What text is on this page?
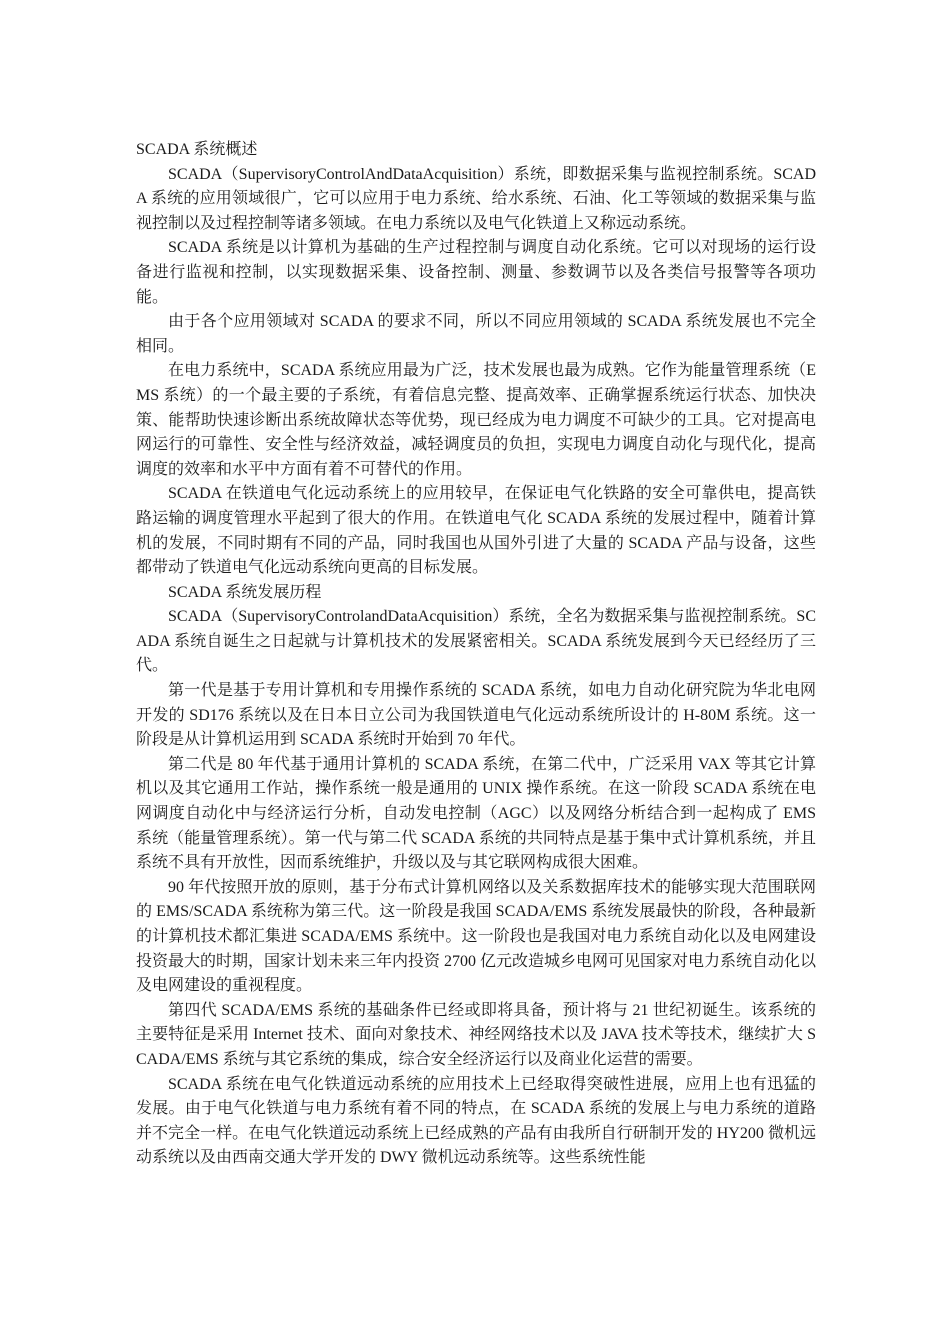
SCADA 系统概述

SCADA（SupervisoryControlAndDataAcquisition）系统，即数据采集与监视控制系统。SCADA 系统的应用领域很广，它可以应用于电力系统、给水系统、石油、化工等领域的数据采集与监视控制以及过程控制等诸多领域。在电力系统以及电气化铁道上又称远动系统。

SCADA 系统是以计算机为基础的生产过程控制与调度自动化系统。它可以对现场的运行设备进行监视和控制，以实现数据采集、设备控制、测量、参数调节以及各类信号报警等各项功能。

由于各个应用领域对 SCADA 的要求不同，所以不同应用领域的 SCADA 系统发展也不完全相同。

在电力系统中，SCADA 系统应用最为广泛，技术发展也最为成熟。它作为能量管理系统（EMS 系统）的一个最主要的子系统，有着信息完整、提高效率、正确掌握系统运行状态、加快决策、能帮助快速诊断出系统故障状态等优势，现已经成为电力调度不可缺少的工具。它对提高电网运行的可靠性、安全性与经济效益，减轻调度员的负担，实现电力调度自动化与现代化，提高调度的效率和水平中方面有着不可替代的作用。

SCADA 在铁道电气化远动系统上的应用较早，在保证电气化铁路的安全可靠供电，提高铁路运输的调度管理水平起到了很大的作用。在铁道电气化 SCADA 系统的发展过程中，随着计算机的发展，不同时期有不同的产品，同时我国也从国外引进了大量的 SCADA 产品与设备，这些都带动了铁道电气化远动系统向更高的目标发展。

SCADA 系统发展历程

SCADA（SupervisoryControlandDataAcquisition）系统，全名为数据采集与监视控制系统。SCADA 系统自诞生之日起就与计算机技术的发展紧密相关。SCADA 系统发展到今天已经经历了三代。

第一代是基于专用计算机和专用操作系统的 SCADA 系统，如电力自动化研究院为华北电网开发的 SD176 系统以及在日本日立公司为我国铁道电气化远动系统所设计的 H-80M 系统。这一阶段是从计算机运用到 SCADA 系统时开始到 70 年代。

第二代是 80 年代基于通用计算机的 SCADA 系统，在第二代中，广泛采用 VAX 等其它计算机以及其它通用工作站，操作系统一般是通用的 UNIX 操作系统。在这一阶段 SCADA 系统在电网调度自动化中与经济运行分析，自动发电控制（AGC）以及网络分析结合到一起构成了 EMS 系统（能量管理系统）。第一代与第二代 SCADA 系统的共同特点是基于集中式计算机系统，并且系统不具有开放性，因而系统维护，升级以及与其它联网构成很大困难。

90 年代按照开放的原则，基于分布式计算机网络以及关系数据库技术的能够实现大范围联网的 EMS/SCADA 系统称为第三代。这一阶段是我国 SCADA/EMS 系统发展最快的阶段，各种最新的计算机技术都汇集进 SCADA/EMS 系统中。这一阶段也是我国对电力系统自动化以及电网建设投资最大的时期，国家计划未来三年内投资 2700 亿元改造城乡电网可见国家对电力系统自动化以及电网建设的重视程度。

第四代 SCADA/EMS 系统的基础条件已经或即将具备，预计将与 21 世纪初诞生。该系统的主要特征是采用 Internet 技术、面向对象技术、神经网络技术以及 JAVA 技术等技术，继续扩大 SCADA/EMS 系统与其它系统的集成，综合安全经济运行以及商业化运营的需要。

SCADA 系统在电气化铁道远动系统的应用技术上已经取得突破性进展，应用上也有迅猛的发展。由于电气化铁道与电力系统有着不同的特点，在 SCADA 系统的发展上与电力系统的道路并不完全一样。在电气化铁道远动系统上已经成熟的产品有由我所自行研制开发的 HY200 微机远动系统以及由西南交通大学开发的 DWY 微机远动系统等。这些系统性能
